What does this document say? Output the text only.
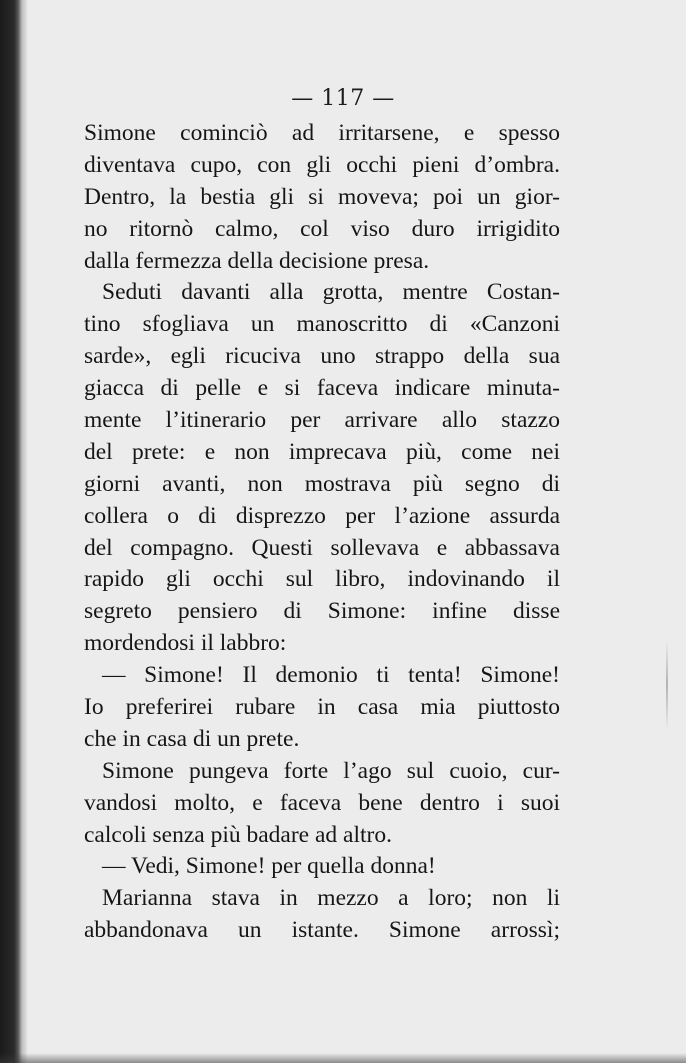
— 117 —
Simone cominciò ad irritarsene, e spesso
diventava cupo, con gli occhi pieni d’ombra.
Dentro, la bestia gli si moveva; poi un gior-
no ritornò calmo, col viso duro irrigidito
dalla fermezza della decisione presa.
Seduti davanti alla grotta, mentre Costan-
tino sfogliava un manoscritto di «Canzoni
sarde», egli ricuciva uno strappo della sua
giacca di pelle e si faceva indicare minuta-
mente l’itinerario per arrivare allo stazzo
del prete: e non imprecava più, come nei
giorni avanti, non mostrava più segno di
collera o di disprezzo per l’azione assurda
del compagno. Questi sollevava e abbassava
rapido gli occhi sul libro, indovinando il
segreto pensiero di Simone: infine disse
mordendosi il labbro:
— Simone! Il demonio ti tenta! Simone!
Io preferirei rubare in casa mia piuttosto
che in casa di un prete.
Simone pungeva forte l’ago sul cuoio, cur-
vandosi molto, e faceva bene dentro i suoi
calcoli senza più badare ad altro.
— Vedi, Simone! per quella donna!
Marianna stava in mezzo a loro; non li
abbandonava un istante. Simone arrossì;
